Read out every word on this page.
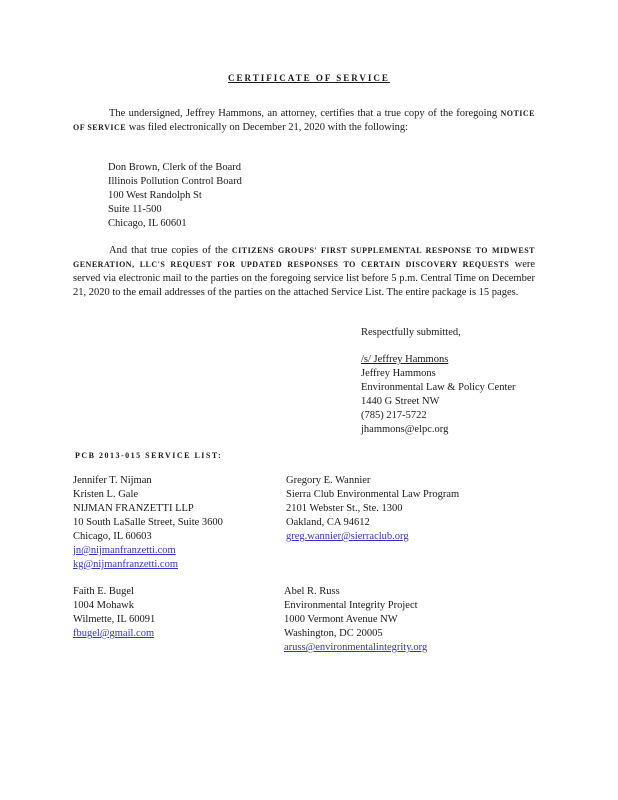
CERTIFICATE OF SERVICE
The undersigned, Jeffrey Hammons, an attorney, certifies that a true copy of the foregoing NOTICE OF SERVICE was filed electronically on December 21, 2020 with the following:
Don Brown, Clerk of the Board
Illinois Pollution Control Board
100 West Randolph St
Suite 11-500
Chicago, IL 60601
And that true copies of the CITIZENS GROUPS' FIRST SUPPLEMENTAL RESPONSE TO MIDWEST GENERATION, LLC'S REQUEST FOR UPDATED RESPONSES TO CERTAIN DISCOVERY REQUESTS were served via electronic mail to the parties on the foregoing service list before 5 p.m. Central Time on December 21, 2020 to the email addresses of the parties on the attached Service List. The entire package is 15 pages.
Respectfully submitted,
/s/ Jeffrey Hammons
Jeffrey Hammons
Environmental Law & Policy Center
1440 G Street NW
(785) 217-5722
jhammons@elpc.org
PCB 2013-015 SERVICE LIST:
Jennifer T. Nijman
Kristen L. Gale
NIJMAN FRANZETTI LLP
10 South LaSalle Street, Suite 3600
Chicago, IL 60603
jn@nijmanfranzetti.com
kg@nijmanfranzetti.com
Gregory E. Wannier
Sierra Club Environmental Law Program
2101 Webster St., Ste. 1300
Oakland, CA 94612
greg.wannier@sierraclub.org
Faith E. Bugel
1004 Mohawk
Wilmette, IL 60091
fbugel@gmail.com
Abel R. Russ
Environmental Integrity Project
1000 Vermont Avenue NW
Washington, DC 20005
aruss@environmentalintegrity.org
